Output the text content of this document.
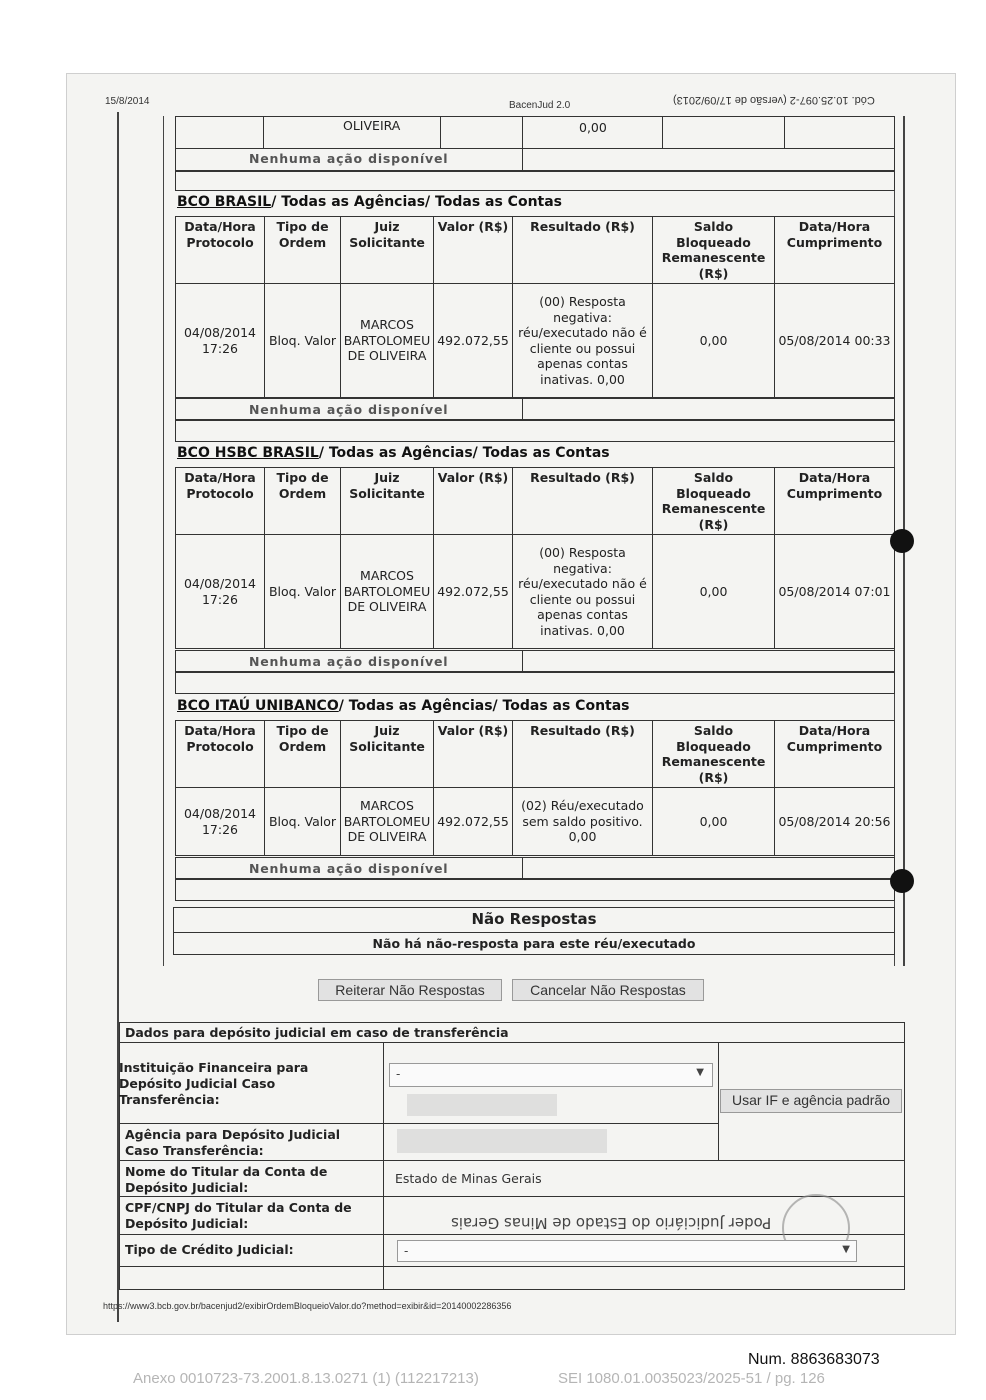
15/8/2014	BacenJud 2.0	Cód. 10.25.097-2 (versão de 17/09/2013)
OLIVEIRA	0,00
Nenhuma ação disponível
BCO BRASIL/ Todas as Agências/ Todas as Contas
Data/Hora Protocolo	Tipo de Ordem	Juiz Solicitante	Valor (R$)	Resultado (R$)	Saldo Bloqueado Remanescente (R$)	Data/Hora Cumprimento
04/08/2014 17:26	Bloq. Valor	MARCOS BARTOLOMEU DE OLIVEIRA	492.072,55	(00) Resposta negativa: réu/executado não é cliente ou possui apenas contas inativas. 0,00	0,00	05/08/2014 00:33
Nenhuma ação disponível
BCO HSBC BRASIL/ Todas as Agências/ Todas as Contas
Data/Hora Protocolo	Tipo de Ordem	Juiz Solicitante	Valor (R$)	Resultado (R$)	Saldo Bloqueado Remanescente (R$)	Data/Hora Cumprimento
04/08/2014 17:26	Bloq. Valor	MARCOS BARTOLOMEU DE OLIVEIRA	492.072,55	(00) Resposta negativa: réu/executado não é cliente ou possui apenas contas inativas. 0,00	0,00	05/08/2014 07:01
Nenhuma ação disponível
BCO ITAÚ UNIBANCO/ Todas as Agências/ Todas as Contas
Data/Hora Protocolo	Tipo de Ordem	Juiz Solicitante	Valor (R$)	Resultado (R$)	Saldo Bloqueado Remanescente (R$)	Data/Hora Cumprimento
04/08/2014 17:26	Bloq. Valor	MARCOS BARTOLOMEU DE OLIVEIRA	492.072,55	(02) Réu/executado sem saldo positivo. 0,00	0,00	05/08/2014 20:56
Nenhuma ação disponível
Não Respostas
Não há não-resposta para este réu/executado
Reiterar Não Respostas	Cancelar Não Respostas
Dados para depósito judicial em caso de transferência
Instituição Financeira para Depósito Judicial Caso Transferência:
-	▼
Usar IF e agência padrão
Agência para Depósito Judicial Caso Transferência:
Nome do Titular da Conta de Depósito Judicial:
Estado de Minas Gerais
CPF/CNPJ do Titular da Conta de Depósito Judicial:	Poder Judiciário do Estado de Minas Gerais
Tipo de Crédito Judicial:	-	▼
https://www3.bcb.gov.br/bacenjud2/exibirOrdemBloqueioValor.do?method=exibir&id=20140002286356
Num. 8863683073
Anexo 0010723-73.2001.8.13.0271 (1) (112217213)	SEI 1080.01.0035023/2025-51 / pg. 126
